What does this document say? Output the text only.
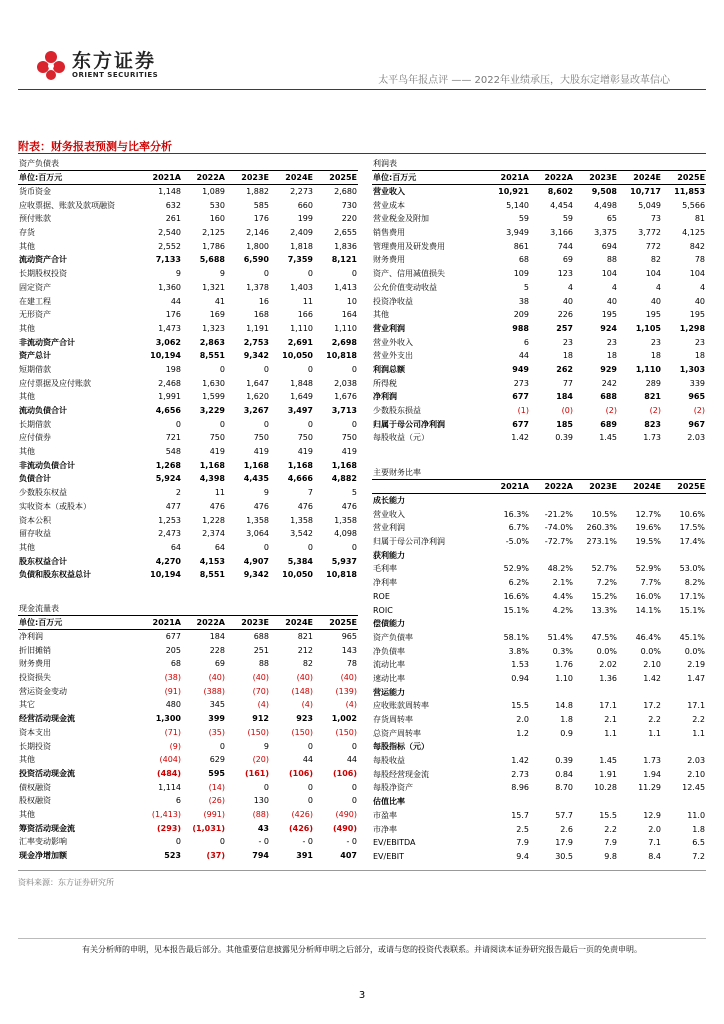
东方证券
ORIENT SECURITIES	太平鸟年报点评 —— 2022年业绩承压，大股东定增彰显改革信心
附表：财务报表预测与比率分析
资产负债表					
单位:百万元	2021A	2022A	2023E	2024E	2025E
货币资金	1,148	1,089	1,882	2,273	2,680
应收票据、账款及款项融资	632	530	585	660	730
预付账款	261	160	176	199	220
存货	2,540	2,125	2,146	2,409	2,655
其他	2,552	1,786	1,800	1,818	1,836
流动资产合计	7,133	5,688	6,590	7,359	8,121
长期股权投资	9	9	0	0	0
固定资产	1,360	1,321	1,378	1,403	1,413
在建工程	44	41	16	11	10
无形资产	176	169	168	166	164
其他	1,473	1,323	1,191	1,110	1,110
非流动资产合计	3,062	2,863	2,753	2,691	2,698
资产总计	10,194	8,551	9,342	10,050	10,818
短期借款	198	0	0	0	0
应付票据及应付账款	2,468	1,630	1,647	1,848	2,038
其他	1,991	1,599	1,620	1,649	1,676
流动负债合计	4,656	3,229	3,267	3,497	3,713
长期借款	0	0	0	0	0
应付债券	721	750	750	750	750
其他	548	419	419	419	419
非流动负债合计	1,268	1,168	1,168	1,168	1,168
负债合计	5,924	4,398	4,435	4,666	4,882
少数股东权益	2	11	9	7	5
实收资本（或股本）	477	476	476	476	476
资本公积	1,253	1,228	1,358	1,358	1,358
留存收益	2,473	2,374	3,064	3,542	4,098
其他	64	64	0	0	0
股东权益合计	4,270	4,153	4,907	5,384	5,937
负债和股东权益总计	10,194	8,551	9,342	10,050	10,818
现金流量表					
单位:百万元	2021A	2022A	2023E	2024E	2025E
净利润	677	184	688	821	965
折旧摊销	205	228	251	212	143
财务费用	68	69	88	82	78
投资损失	(38)	(40)	(40)	(40)	(40)
营运资金变动	(91)	(388)	(70)	(148)	(139)
其它	480	345	(4)	(4)	(4)
经营活动现金流	1,300	399	912	923	1,002
资本支出	(71)	(35)	(150)	(150)	(150)
长期投资	(9)	0	9	0	0
其他	(404)	629	(20)	44	44
投资活动现金流	(484)	595	(161)	(106)	(106)
债权融资	1,114	(14)	0	0	0
股权融资	6	(26)	130	0	0
其他	(1,413)	(991)	(88)	(426)	(490)
筹资活动现金流	(293)	(1,031)	43	(426)	(490)
汇率变动影响	0	0	- 0	- 0	- 0
现金净增加额	523	(37)	794	391	407
利润表					
单位:百万元	2021A	2022A	2023E	2024E	2025E
营业收入	10,921	8,602	9,508	10,717	11,853
营业成本	5,140	4,454	4,498	5,049	5,566
营业税金及附加	59	59	65	73	81
销售费用	3,949	3,166	3,375	3,772	4,125
管理费用及研发费用	861	744	694	772	842
财务费用	68	69	88	82	78
资产、信用减值损失	109	123	104	104	104
公允价值变动收益	5	4	4	4	4
投资净收益	38	40	40	40	40
其他	209	226	195	195	195
营业利润	988	257	924	1,105	1,298
营业外收入	6	23	23	23	23
营业外支出	44	18	18	18	18
利润总额	949	262	929	1,110	1,303
所得税	273	77	242	289	339
净利润	677	184	688	821	965
少数股东损益	(1)	(0)	(2)	(2)	(2)
归属于母公司净利润	677	185	689	823	967
每股收益（元）	1.42	0.39	1.45	1.73	2.03
主要财务比率					
	2021A	2022A	2023E	2024E	2025E
成长能力					
营业收入	16.3%	-21.2%	10.5%	12.7%	10.6%
营业利润	6.7%	-74.0%	260.3%	19.6%	17.5%
归属于母公司净利润	-5.0%	-72.7%	273.1%	19.5%	17.4%
获利能力					
毛利率	52.9%	48.2%	52.7%	52.9%	53.0%
净利率	6.2%	2.1%	7.2%	7.7%	8.2%
ROE	16.6%	4.4%	15.2%	16.0%	17.1%
ROIC	15.1%	4.2%	13.3%	14.1%	15.1%
偿债能力					
资产负债率	58.1%	51.4%	47.5%	46.4%	45.1%
净负债率	3.8%	0.3%	0.0%	0.0%	0.0%
流动比率	1.53	1.76	2.02	2.10	2.19
速动比率	0.94	1.10	1.36	1.42	1.47
营运能力					
应收账款周转率	15.5	14.8	17.1	17.2	17.1
存货周转率	2.0	1.8	2.1	2.2	2.2
总资产周转率	1.2	0.9	1.1	1.1	1.1
每股指标（元）					
每股收益	1.42	0.39	1.45	1.73	2.03
每股经营现金流	2.73	0.84	1.91	1.94	2.10
每股净资产	8.96	8.70	10.28	11.29	12.45
估值比率					
市盈率	15.7	57.7	15.5	12.9	11.0
市净率	2.5	2.6	2.2	2.0	1.8
EV/EBITDA	7.9	17.9	7.9	7.1	6.5
EV/EBIT	9.4	30.5	9.8	8.4	7.2
资料来源：东方证券研究所
有关分析师的申明，见本报告最后部分。其他重要信息披露见分析师申明之后部分，或请与您的投资代表联系。并请阅读本证券研究报告最后一页的免责申明。
3
